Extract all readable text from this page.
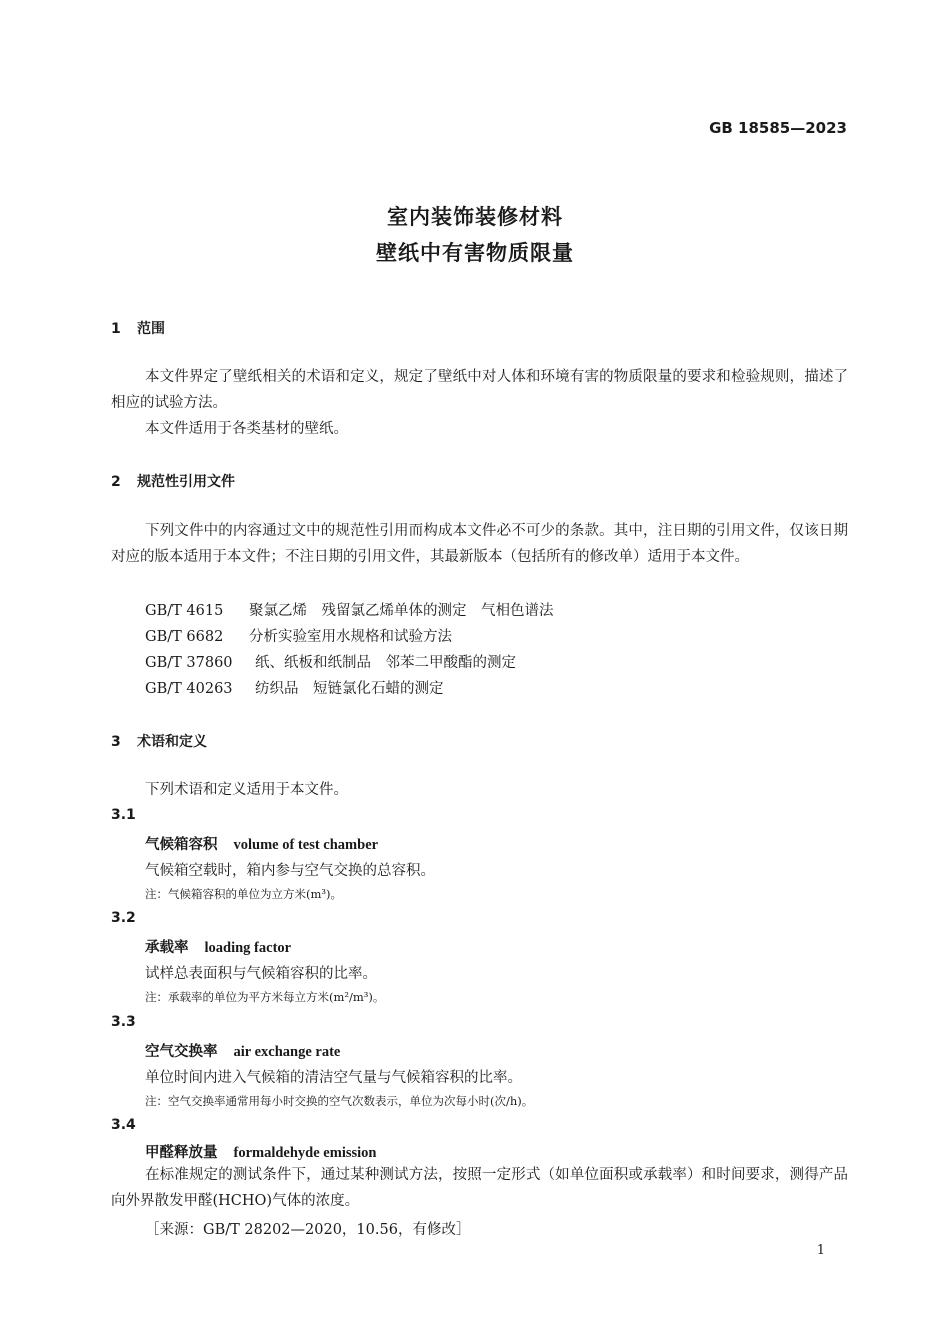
GB 18585—2023
室内装饰装修材料
壁纸中有害物质限量
1 范围
本文件界定了壁纸相关的术语和定义，规定了壁纸中对人体和环境有害的物质限量的要求和检验规则，描述了相应的试验方法。
本文件适用于各类基材的壁纸。
2 规范性引用文件
下列文件中的内容通过文中的规范性引用而构成本文件必不可少的条款。其中，注日期的引用文件，仅该日期对应的版本适用于本文件；不注日期的引用文件，其最新版本（包括所有的修改单）适用于本文件。
GB/T 4615 聚氯乙烯　残留氯乙烯单体的测定　气相色谱法
GB/T 6682 分析实验室用水规格和试验方法
GB/T 37860 纸、纸板和纸制品　邻苯二甲酸酯的测定
GB/T 40263 纺织品　短链氯化石蜡的测定
3 术语和定义
下列术语和定义适用于本文件。
3.1
气候箱容积 volume of test chamber
气候箱空载时，箱内参与空气交换的总容积。
注：气候箱容积的单位为立方米(m³)。
3.2
承载率 loading factor
试样总表面积与气候箱容积的比率。
注：承载率的单位为平方米每立方米(m²/m³)。
3.3
空气交换率 air exchange rate
单位时间内进入气候箱的清洁空气量与气候箱容积的比率。
注：空气交换率通常用每小时交换的空气次数表示，单位为次每小时(次/h)。
3.4
甲醛释放量 formaldehyde emission
在标准规定的测试条件下，通过某种测试方法，按照一定形式（如单位面积或承载率）和时间要求，测得产品向外界散发甲醛(HCHO)气体的浓度。
［来源：GB/T 28202—2020，10.56，有修改］
1
